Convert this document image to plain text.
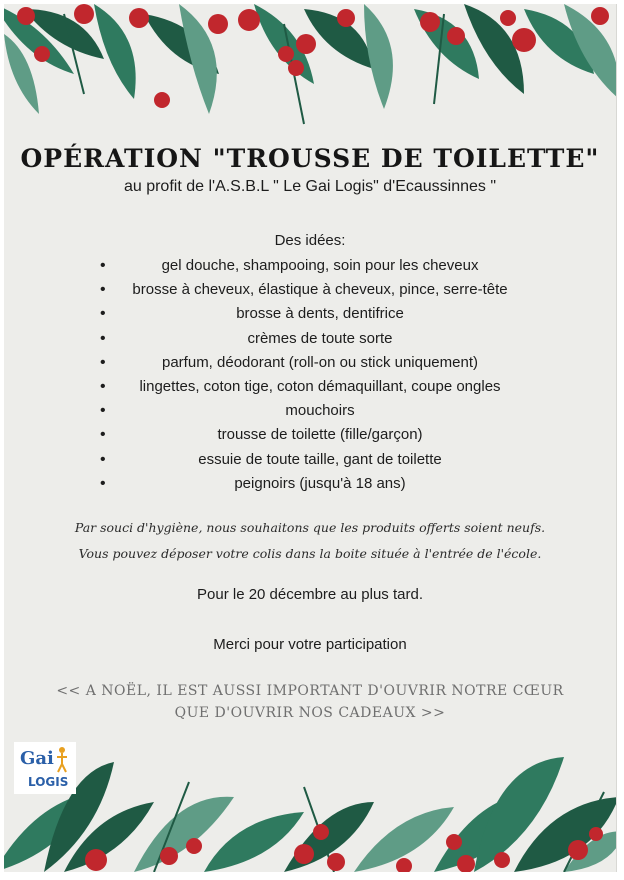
OPÉRATION "TROUSSE DE TOILETTE"
au profit de l'A.S.B.L " Le Gai Logis" d'Ecaussinnes "
Des idées:
•	gel douche, shampooing, soin pour les cheveux
• brosse à cheveux, élastique à cheveux, pince, serre-tête
•	brosse à dents, dentifrice
•	crèmes de toute sorte
•	parfum, déodorant (roll-on ou stick uniquement)
• lingettes, coton tige, coton démaquillant, coupe ongles
•	mouchoirs
•	trousse de toilette (fille/garçon)
•	essuie de toute taille, gant de toilette
•	peignoirs (jusqu'à 18 ans)
Par souci d'hygiène, nous souhaitons que les produits offerts soient neufs.
Vous pouvez déposer votre colis dans la boite située à l'entrée de l'école.
Pour le 20 décembre au plus tard.
Merci pour votre participation
<< A NOËL, IL EST AUSSI IMPORTANT D'OUVRIR NOTRE CŒUR QUE D'OUVRIR NOS CADEAUX >>
Gai
LOGIS
